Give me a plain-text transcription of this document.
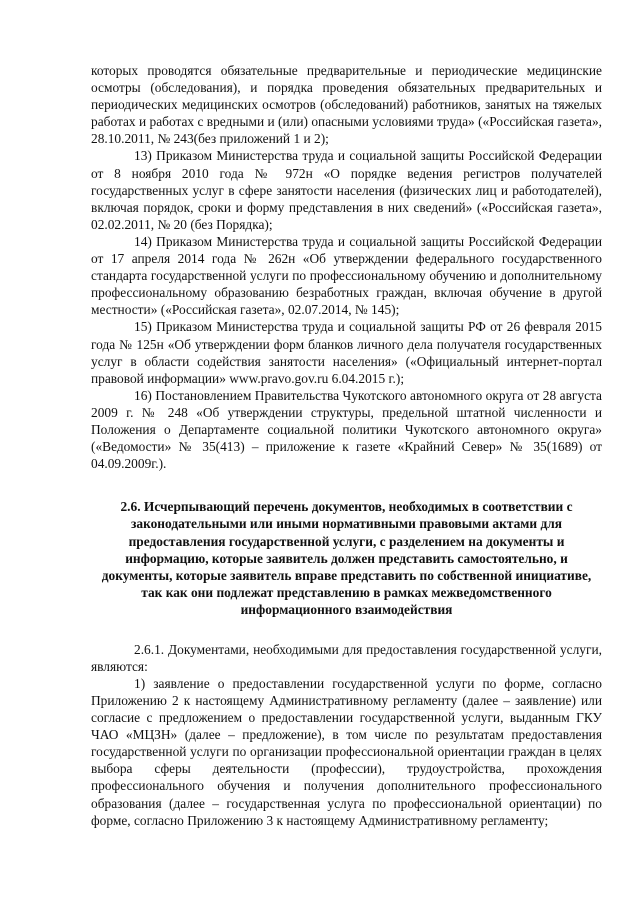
которых проводятся обязательные предварительные и периодические медицинские осмотры (обследования), и порядка проведения обязательных предварительных и периодических медицинских осмотров (обследований) работников, занятых на тяжелых работах и работах с вредными и (или) опасными условиями труда» («Российская газета», 28.10.2011, № 243(без приложений 1 и 2);

13) Приказом Министерства труда и социальной защиты Российской Федерации от 8 ноября 2010 года № 972н «О порядке ведения регистров получателей государственных услуг в сфере занятости населения (физических лиц и работодателей), включая порядок, сроки и форму представления в них сведений» («Российская газета», 02.02.2011, № 20 (без Порядка);

14) Приказом Министерства труда и социальной защиты Российской Федерации от 17 апреля 2014 года № 262н «Об утверждении федерального государственного стандарта государственной услуги по профессиональному обучению и дополнительному профессиональному образованию безработных граждан, включая обучение в другой местности» («Российская газета», 02.07.2014, № 145);

15) Приказом Министерства труда и социальной защиты РФ от 26 февраля 2015 года № 125н «Об утверждении форм бланков личного дела получателя государственных услуг в области содействия занятости населения» («Официальный интернет-портал правовой информации» www.pravo.gov.ru 6.04.2015 г.);

16) Постановлением Правительства Чукотского автономного округа от 28 августа 2009 г. № 248 «Об утверждении структуры, предельной штатной численности и Положения о Департаменте социальной политики Чукотского автономного округа» («Ведомости» № 35(413) – приложение к газете «Крайний Север» № 35(1689) от 04.09.2009г.).

2.6. Исчерпывающий перечень документов, необходимых в соответствии с законодательными или иными нормативными правовыми актами для предоставления государственной услуги, с разделением на документы и информацию, которые заявитель должен представить самостоятельно, и документы, которые заявитель вправе представить по собственной инициативе, так как они подлежат представлению в рамках межведомственного информационного взаимодействия

2.6.1. Документами, необходимыми для предоставления государственной услуги, являются:

1) заявление о предоставлении государственной услуги по форме, согласно Приложению 2 к настоящему Административному регламенту (далее – заявление) или согласие с предложением о предоставлении государственной услуги, выданным ГКУ ЧАО «МЦЗН» (далее – предложение), в том числе по результатам предоставления государственной услуги по организации профессиональной ориентации граждан в целях выбора сферы деятельности (профессии), трудоустройства, прохождения профессионального обучения и получения дополнительного профессионального образования (далее – государственная услуга по профессиональной ориентации) по форме, согласно Приложению 3 к настоящему Административному регламенту;
